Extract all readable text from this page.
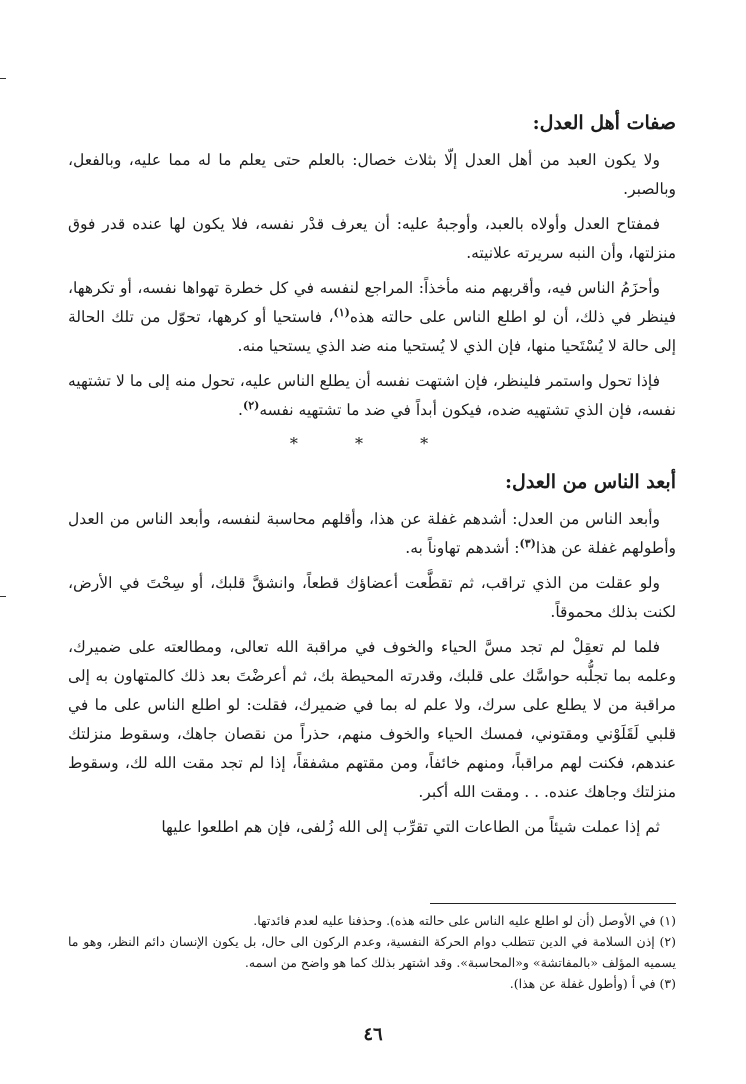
صفات أهل العدل:

ولا يكون العبد من أهل العدل إلّا بثلاث خصال: بالعلم حتى يعلم ما له مما عليه، وبالفعل، وبالصبر.

فمفتاح العدل وأولاه بالعبد، وأوجبهُ عليه: أن يعرف قدْر نفسه، فلا يكون لها عنده قدر فوق منزلتها، وأن النبه سريرته علانيته.

وأحزَمُ الناس فيه، وأقربهم منه مأخذاً: المراجع لنفسه في كل خطرة تهواها نفسه، أو تكرهها، فينظر في ذلك، أن لو اطلع الناس على حالته هذه$^{(١)}$، فاستحيا أو كرهها، تحوّل من تلك الحالة إلى حالة لا يُسْتَحيا منها، فإن الذي لا يُستحيا منه ضد الذي يستحيا منه.

فإذا تحول واستمر فلينظر، فإن اشتهت نفسه أن يطلع الناس عليه، تحول منه إلى ما لا تشتهيه نفسه، فإن الذي تشتهيه ضده، فيكون أبداً في ضد ما تشتهيه نفسه$^{(٢)}$.

* * *
أبعد الناس من العدل:

وأبعد الناس من العدل: أشدهم غفلة عن هذا، وأقلهم محاسبة لنفسه، وأبعد الناس من العدل وأطولهم غفلة عن هذا$^{(٣)}$: أشدهم تهاوناً به.

ولو عقلت من الذي تراقب، ثم تقطَّعت أعضاؤك قطعاً، وانشقَّ قلبك، أو سِحْتَ في الأرض، لكنت بذلك محموقاً.

فلما لم تعقِلْ لم تجد مسَّ الحياء والخوف في مراقبة الله تعالى، ومطالعته على ضميرك، وعلمه بما تجلُّبه حواسَّك على قلبك، وقدرته المحيطة بك، ثم أعرضْتَ بعد ذلك كالمتهاون به إلى مراقبة من لا يطلع على سرك، ولا علم له بما في ضميرك، فقلت: لو اطلع الناس على ما في قلبي لَقَلَوْني ومقتوني، فمسك الحياء والخوف منهم، حذراً من نقصان جاهك، وسقوط منزلتك عندهم، فكنت لهم مراقباً، ومنهم خائفاً، ومن مقتهم مشفقاً، إذا لم تجد مقت الله لك، وسقوط منزلتك وجاهك عنده. . . ومقت الله أكبر.

ثم إذا عملت شيئاً من الطاعات التي تقرِّب إلى الله زُلفى، فإن هم اطلعوا عليها

(١) في الأوصل (أن لو اطلع عليه الناس على حالته هذه). وحذفنا عليه لعدم فائدتها.

(٢) إذن السلامة في الدين تتطلب دوام الحركة النفسية، وعدم الركون الى حال، بل يكون الإنسان دائم النظر، وهو ما يسميه المؤلف «بالمفاتشة» و«المحاسبة». وقد اشتهر بذلك كما هو واضح من اسمه.

(٣) في أ (وأطول غفلة عن هذا).

٤٦
